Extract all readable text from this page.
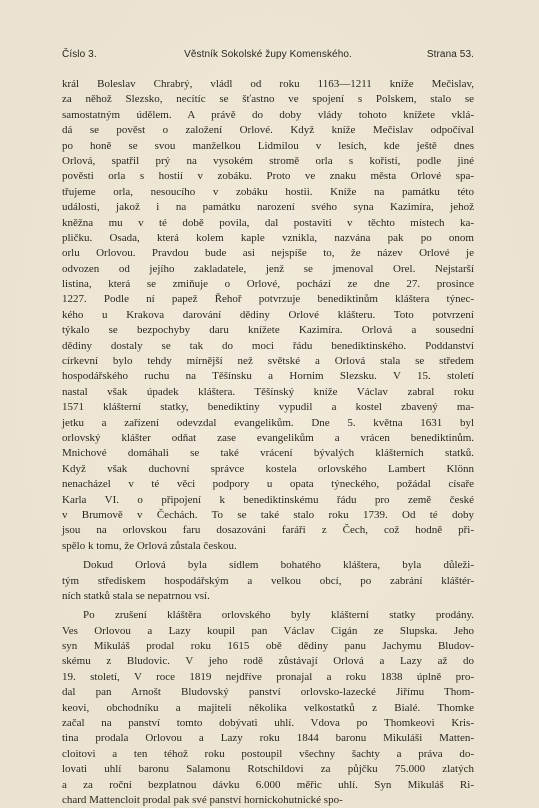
Číslo 3.	Věstník Sokolské župy Komenského.	Strana 53.
král Boleslav Chrabrý, vládl od roku 1163—1211 kníže Mečislav,
za něhož Slezsko, necítíc se šťastno ve spojení s Polskem, stalo se
samostatným údělem. A právě do doby vlády tohoto knížete vklá-
dá se pověst o založení Orlové. Když kníže Mečislav odpočíval
po honě se svou manželkou Lidmilou v lesích, kde ještě dnes
Orlová, spatřil prý na vysokém stromě orla s kořistí, podle jiné
pověsti orla s hostií v zobáku. Proto ve znaku města Orlové spa-
třujeme orla, nesoucího v zobáku hostii. Kníže na památku této
události, jakož i na památku narození svého syna Kazimíra, jehož
kněžna mu v té době povila, dal postaviti v těchto místech ka-
pličku. Osada, která kolem kaple vznikla, nazvána pak po onom
orlu Orlovou. Pravdou bude asi nejspíše to, že název Orlové je
odvozen od jejího zakladatele, jenž se jmenoval Orel. Nejstarší
listina, která se zmiňuje o Orlové, pochází ze dne 27. prosince
1227. Podle ní papež Řehoř potvrzuje benediktinům kláštera týnec-
kého u Krakova darování dědiny Orlové klášteru. Toto potvrzení
týkalo se bezpochyby daru knížete Kazimíra. Orlová a sousední
dědiny dostaly se tak do moci řádu benediktinského. Poddanství
církevní bylo tehdy mírnější než světské a Orlová stala se středem
hospodářského ruchu na Těšínsku a Hornim Slezsku. V 15. století
nastal však úpadek kláštera. Těšínský kníže Václav zabral roku
1571 klášterní statky, benediktiny vypudil a kostel zbavený ma-
jetku a zařízení odevzdal evangelikům. Dne 5. května 1631 byl
orlovský klášter odňat zase evangelikům a vrácen benediktinům.
Mnichové domáhali se také vrácení bývalých klášterních statků.
Když však duchovní správce kostela orlovského Lambert Klönn
nenacházel v té věci podpory u opata týneckého, požádal císaře
Karla VI. o připojení k benediktinskému řádu pro země české
v Brumově v Čechách. To se také stalo roku 1739. Od té doby
jsou na orlovskou faru dosazováni faráři z Čech, což hodně při-
spělo k tomu, že Orlová zůstala českou.
Dokud Orlová byla sídlem bohatého kláštera, byla důleži-
tým střediskem hospodářským a velkou obcí, po zabrání kláštér-
ních statků stala se nepatrnou vsí.
Po zrušení kláštěra orlovského byly klášterní statky prodány.
Ves Orlovou a Lazy koupil pan Václav Cigán ze Slupska. Jeho
syn Mikuláš prodal roku 1615 obě dědiny panu Jachymu Bludov-
skému z Bludovic. V jeho rodě zůstávají Orlová a Lazy až do
19. století, V roce 1819 nejdříve pronajal a roku 1838 úplně pro-
dal pan Arnošt Bludovský panství orlovsko-lazecké Jiřímu Thom-
keovi, obchodníku a majiteli několika velkostatků z Bialé. Thomke
začal na panství tomto dobývati uhlí. Vdova po Thomkeovi Kris-
tina prodala Orlovou a Lazy roku 1844 baronu Mikuláši Matten-
cloitovi a ten téhož roku postoupil všechny šachty a práva do-
lovati uhlí baronu Salamonu Rotschildovi za půjčku 75.000 zlatých
a za roční bezplatnou dávku 6.000 měřic uhlí. Syn Mikuláš Ri-
chard Mattencloit prodal pak své panství hornickohutnické spo-
